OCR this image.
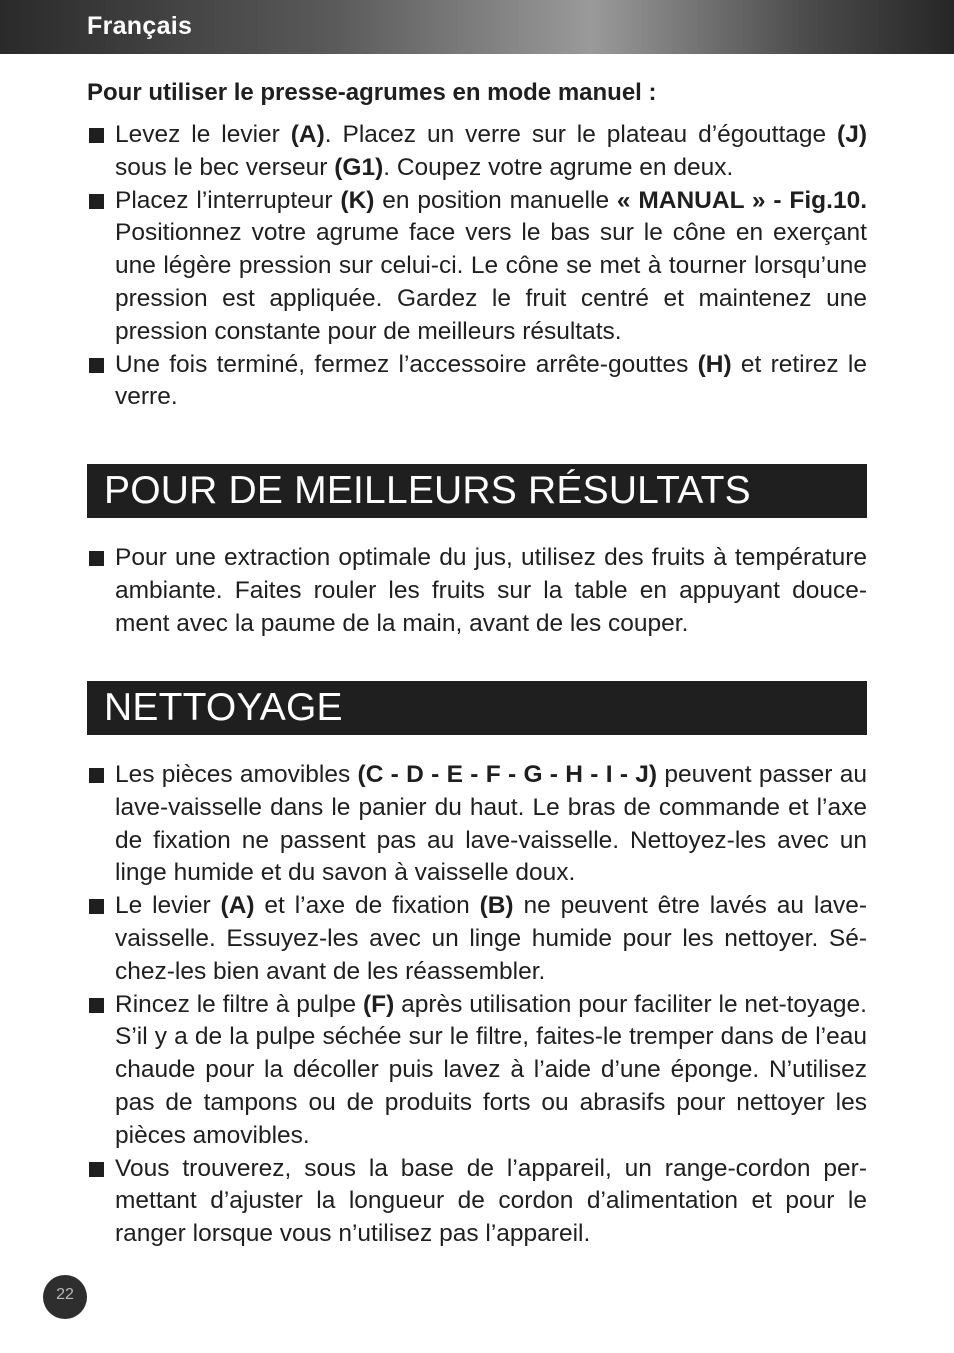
Français
Pour utiliser le presse-agrumes en mode manuel :
Levez le levier (A). Placez un verre sur le plateau d’égouttage (J) sous le bec verseur (G1). Coupez votre agrume en deux.
Placez l’interrupteur (K) en position manuelle « MANUAL » - Fig.10. Positionnez votre agrume face vers le bas sur le cône en exerçant une légère pression sur celui-ci. Le cône se met à tourner lorsqu’une pression est appliquée. Gardez le fruit centré et maintenez une pression constante pour de meilleurs résultats.
Une fois terminé, fermez l’accessoire arrête-gouttes (H) et retirez le verre.
POUR DE MEILLEURS RÉSULTATS
Pour une extraction optimale du jus, utilisez des fruits à température ambiante. Faites rouler les fruits sur la table en appuyant douce-ment avec la paume de la main, avant de les couper.
NETTOYAGE
Les pièces amovibles (C - D - E - F - G - H - I - J) peuvent passer au lave-vaisselle dans le panier du haut. Le bras de commande et l’axe de fixation ne passent pas au lave-vaisselle. Nettoyez-les avec un linge humide et du savon à vaisselle doux.
Le levier (A) et l’axe de fixation (B) ne peuvent être lavés au lave-vaisselle. Essuyez-les avec un linge humide pour les nettoyer. Sé-chez-les bien avant de les réassembler.
Rincez le filtre à pulpe (F) après utilisation pour faciliter le net-toyage. S’il y a de la pulpe séchée sur le filtre, faites-le tremper dans de l’eau chaude pour la décoller puis lavez à l’aide d’une éponge. N’utilisez pas de tampons ou de produits forts ou abrasifs pour nettoyer les pièces amovibles.
Vous trouverez, sous la base de l’appareil, un range-cordon per-mettant d’ajuster la longueur de cordon d’alimentation et pour le ranger lorsque vous n’utilisez pas l’appareil.
22
